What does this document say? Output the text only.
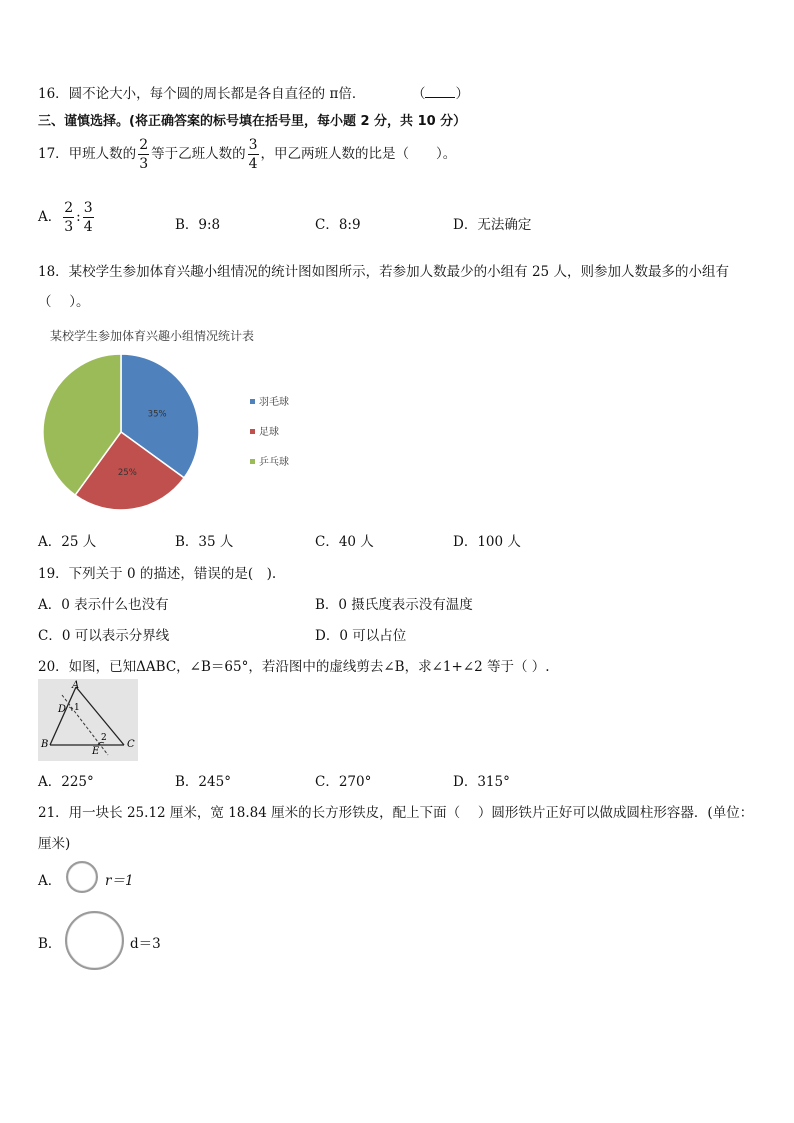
16．圆不论大小，每个圆的周长都是各自直径的 π倍．	（ ）
三、谨慎选择。(将正确答案的标号填在括号里，每小题 2 分，共 10 分）
17．甲班人数的 $\frac{2}{3}$ 等于乙班人数的 $\frac{3}{4}$ ，甲乙两班人数的比是（　　）。
A． $\frac{2}{3}$ : $\frac{3}{4}$	B．9:8	C．8:9	D．无法确定
18．某校学生参加体育兴趣小组情况的统计图如图所示，若参加人数最少的小组有 25 人，则参加人数最多的小组有
（　 ）。
某校学生参加体育兴趣小组情况统计表
35%
25%
羽毛球
足球
乒乓球
A．25 人	B．35 人	C．40 人	D．100 人
19．下列关于 0 的描述，错误的是(　).
A．0 表示什么也没有	B．0 摄氏度表示没有温度
C．0 可以表示分界线	D．0 可以占位
20．如图，已知ΔABC，∠B＝65°，若沿图中的虚线剪去∠B，求∠1+∠2 等于（ ）.
A
D 1
B
2
E
C
A．225°	B．245°	C．270°	D．315°
21．用一块长 25.12 厘米，宽 18.84 厘米的长方形铁皮，配上下面（　 ）圆形铁片正好可以做成圆柱形容器．(单位：
厘米)
A．	r＝1
B．	d＝3
